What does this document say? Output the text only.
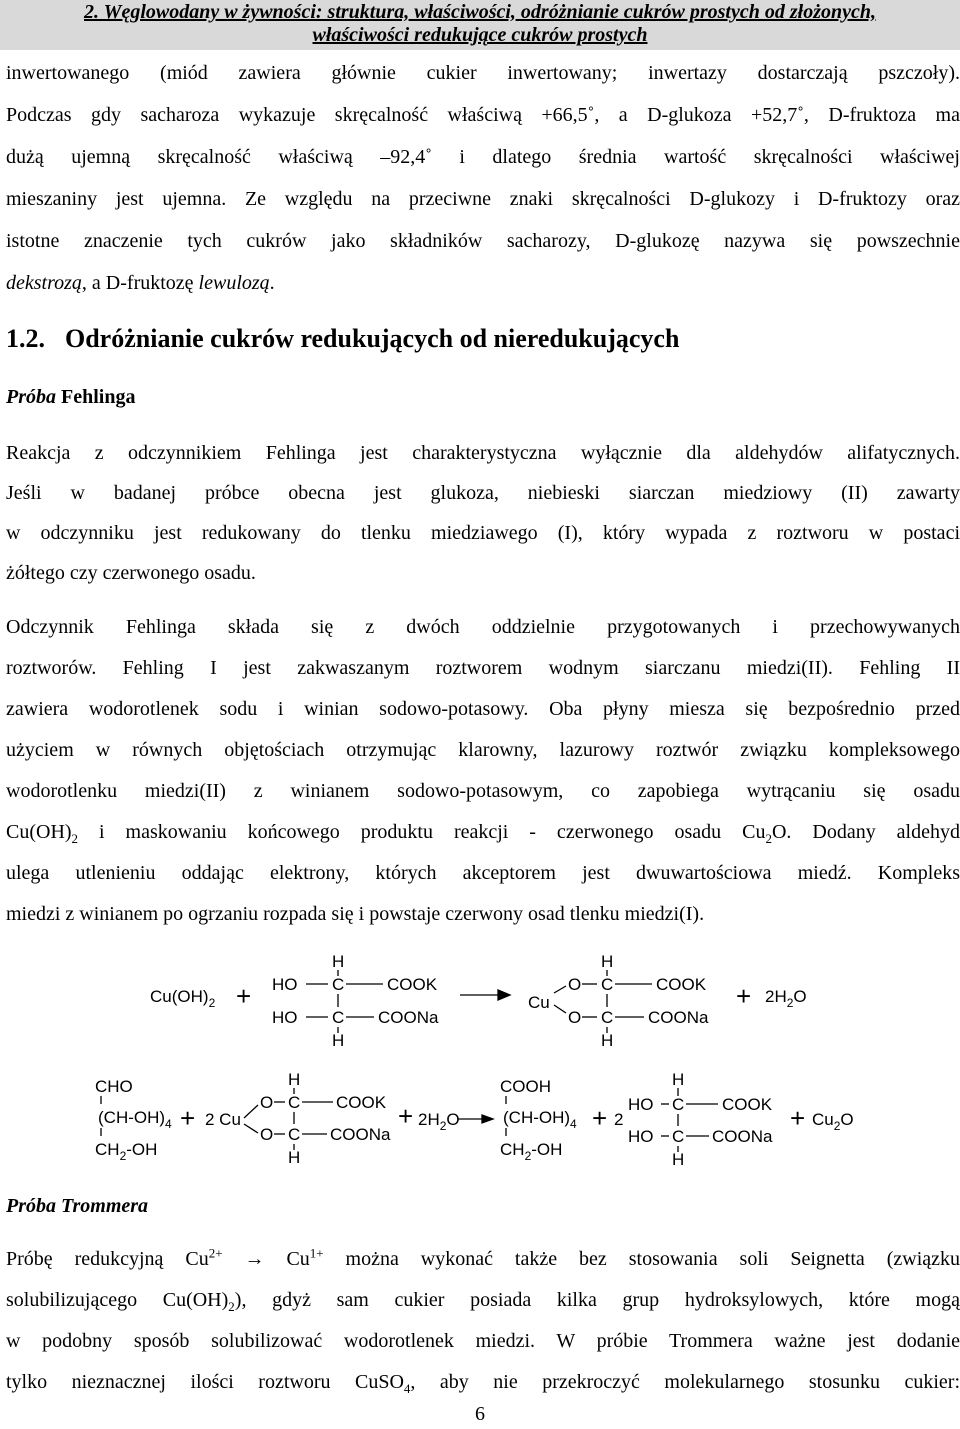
2. Węglowodany w żywności: struktura, właściwości, odróżnianie cukrów prostych od złożonych,
właściwości redukujące cukrów prostych
inwertowanego (miód zawiera głównie cukier inwertowany; inwertazy dostarczają pszczoły).
Podczas gdy sacharoza wykazuje skręcalność właściwą +66,5˚, a D-glukoza +52,7˚, D-fruktoza ma
dużą ujemną skręcalność właściwą ‒92,4˚ i dlatego średnia wartość skręcalności właściwej
mieszaniny jest ujemna. Ze względu na przeciwne znaki skręcalności D-glukozy i D-fruktozy oraz
istotne znaczenie tych cukrów jako składników sacharozy, D-glukozę nazywa się powszechnie
dekstrozą, a D-fruktozę lewulozą.
1.2. Odróżnianie cukrów redukujących od nieredukujących
Próba Fehlinga
Reakcja z odczynnikiem Fehlinga jest charakterystyczna wyłącznie dla aldehydów alifatycznych.
Jeśli w badanej próbce obecna jest glukoza, niebieski siarczan miedziowy (II) zawarty
w odczynniku jest redukowany do tlenku miedziawego (I), który wypada z roztworu w postaci
żółtego czy czerwonego osadu.
Odczynnik Fehlinga składa się z dwóch oddzielnie przygotowanych i przechowywanych
roztworów. Fehling I jest zakwaszanym roztworem wodnym siarczanu miedzi(II). Fehling II
zawiera wodorotlenek sodu i winian sodowo-potasowy. Oba płyny miesza się bezpośrednio przed
użyciem w równych objętościach otrzymując klarowny, lazurowy roztwór związku kompleksowego
wodorotlenku miedzi(II) z winianem sodowo-potasowym, co zapobiega wytrącaniu się osadu
$Cu(OH)_2$ i maskowaniu końcowego produktu reakcji - czerwonego osadu $Cu_2O$. Dodany aldehyd
ulega utlenieniu oddając elektrony, których akceptorem jest dwuwartościowa miedź. Kompleks
miedzi z winianem po ogrzaniu rozpada się i powstaje czerwony osad tlenku miedzi(I).
$Cu(OH)_2$ +
H
HO C	COOK
HO C COONa
H
Cu
O
O
H
C	COOK
C COONa
H
+ $2H_2O$
CHO
$(CH-OH)_4$
$CH_2-OH$
+ 2 Cu
O
O
H
C COOK
C COONa
H
+ $2H_2O$
COOH
$(CH-OH)_4$
$CH_2-OH$
+ 2
H
HO C COOK
HO C COONa
H
+ $Cu_2O$
Próba Trommera
Próbę redukcyjną $Cu^{2+} \to Cu^{1+}$ można wykonać także bez stosowania soli Seignetta (związku
solubilizującego $Cu(OH)_2$), gdyż sam cukier posiada kilka grup hydroksylowych, które mogą
w podobny sposób solubilizować wodorotlenek miedzi. W próbie Trommera ważne jest dodanie
tylko nieznacznej ilości roztworu CuSO$_4$, aby nie przekroczyć molekularnego stosunku cukier:
6
